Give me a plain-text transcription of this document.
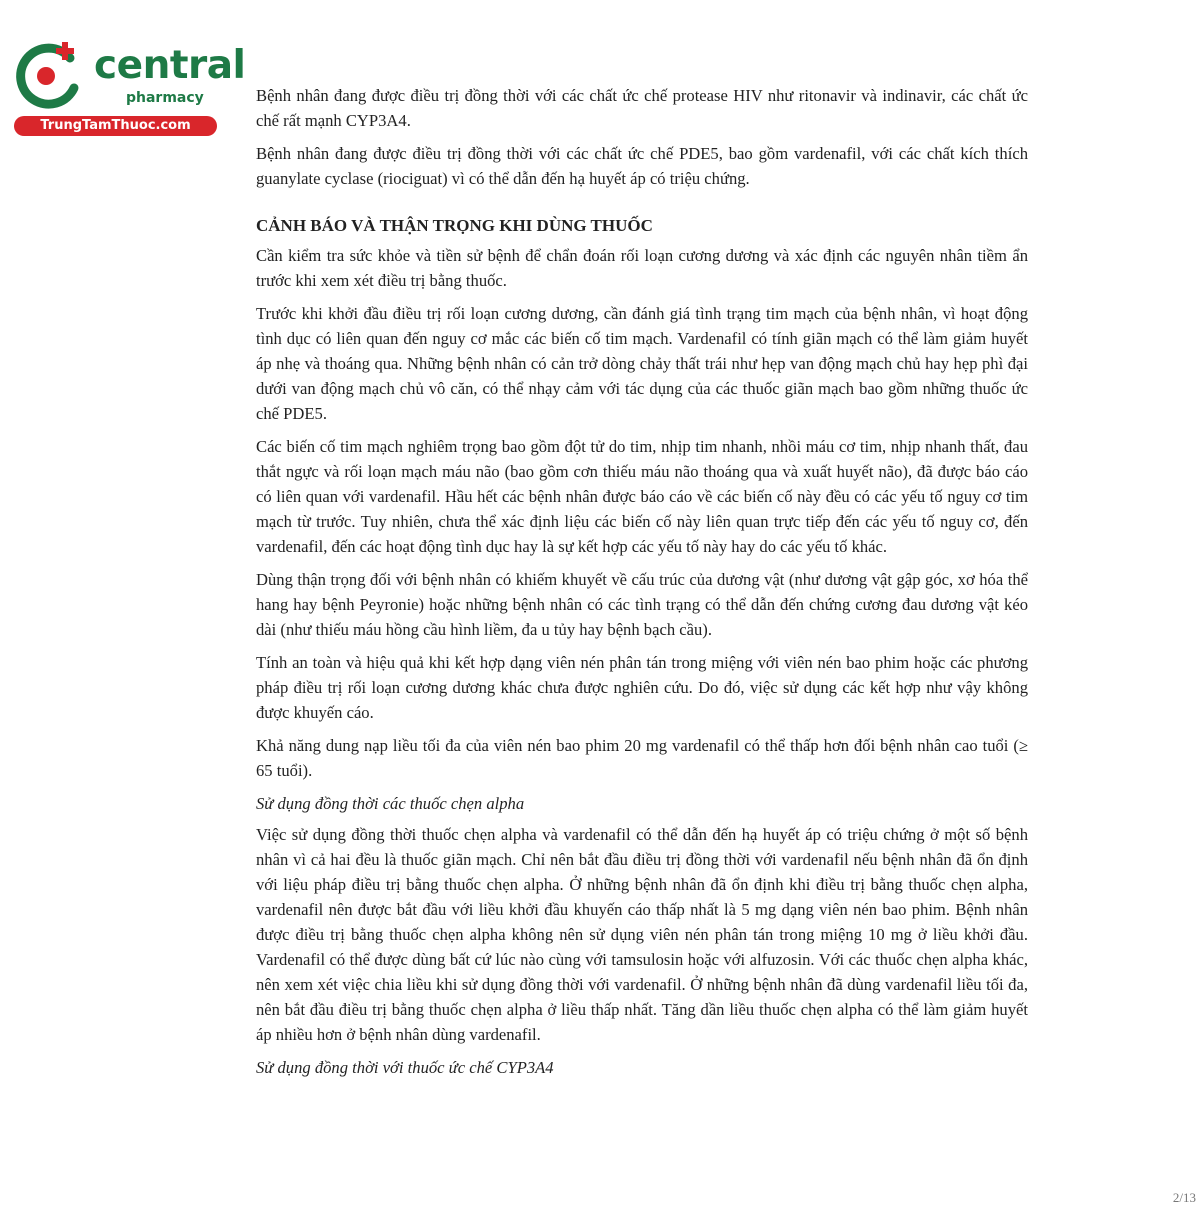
central
pharmacy
TrungTamThuoc.com

Bệnh nhân đang được điều trị đồng thời với các chất ức chế protease HIV như ritonavir và indinavir, các chất ức chế rất mạnh CYP3A4.

Bệnh nhân đang được điều trị đồng thời với các chất ức chế PDE5, bao gồm vardenafil, với các chất kích thích guanylate cyclase (riociguat) vì có thể dẫn đến hạ huyết áp có triệu chứng.

CẢNH BÁO VÀ THẬN TRỌNG KHI DÙNG THUỐC

Cần kiểm tra sức khỏe và tiền sử bệnh để chẩn đoán rối loạn cương dương và xác định các nguyên nhân tiềm ẩn trước khi xem xét điều trị bằng thuốc.

Trước khi khởi đầu điều trị rối loạn cương dương, cần đánh giá tình trạng tim mạch của bệnh nhân, vì hoạt động tình dục có liên quan đến nguy cơ mắc các biến cố tim mạch. Vardenafil có tính giãn mạch có thể làm giảm huyết áp nhẹ và thoáng qua. Những bệnh nhân có cản trở dòng chảy thất trái như hẹp van động mạch chủ hay hẹp phì đại dưới van động mạch chủ vô căn, có thể nhạy cảm với tác dụng của các thuốc giãn mạch bao gồm những thuốc ức chế PDE5.

Các biến cố tim mạch nghiêm trọng bao gồm đột tử do tim, nhịp tim nhanh, nhồi máu cơ tim, nhịp nhanh thất, đau thắt ngực và rối loạn mạch máu não (bao gồm cơn thiếu máu não thoáng qua và xuất huyết não), đã được báo cáo có liên quan với vardenafil. Hầu hết các bệnh nhân được báo cáo về các biến cố này đều có các yếu tố nguy cơ tim mạch từ trước. Tuy nhiên, chưa thể xác định liệu các biến cố này liên quan trực tiếp đến các yếu tố nguy cơ, đến vardenafil, đến các hoạt động tình dục hay là sự kết hợp các yếu tố này hay do các yếu tố khác.

Dùng thận trọng đối với bệnh nhân có khiếm khuyết về cấu trúc của dương vật (như dương vật gập góc, xơ hóa thể hang hay bệnh Peyronie) hoặc những bệnh nhân có các tình trạng có thể dẫn đến chứng cương đau dương vật kéo dài (như thiếu máu hồng cầu hình liềm, đa u tủy hay bệnh bạch cầu).

Tính an toàn và hiệu quả khi kết hợp dạng viên nén phân tán trong miệng với viên nén bao phim hoặc các phương pháp điều trị rối loạn cương dương khác chưa được nghiên cứu. Do đó, việc sử dụng các kết hợp như vậy không được khuyến cáo.

Khả năng dung nạp liều tối đa của viên nén bao phim 20 mg vardenafil có thể thấp hơn đối bệnh nhân cao tuổi (≥ 65 tuổi).

Sử dụng đồng thời các thuốc chẹn alpha

Việc sử dụng đồng thời thuốc chẹn alpha và vardenafil có thể dẫn đến hạ huyết áp có triệu chứng ở một số bệnh nhân vì cả hai đều là thuốc giãn mạch. Chỉ nên bắt đầu điều trị đồng thời với vardenafil nếu bệnh nhân đã ổn định với liệu pháp điều trị bằng thuốc chẹn alpha. Ở những bệnh nhân đã ổn định khi điều trị bằng thuốc chẹn alpha, vardenafil nên được bắt đầu với liều khởi đầu khuyến cáo thấp nhất là 5 mg dạng viên nén bao phim. Bệnh nhân được điều trị bằng thuốc chẹn alpha không nên sử dụng viên nén phân tán trong miệng 10 mg ở liều khởi đầu. Vardenafil có thể được dùng bất cứ lúc nào cùng với tamsulosin hoặc với alfuzosin. Với các thuốc chẹn alpha khác, nên xem xét việc chia liều khi sử dụng đồng thời với vardenafil. Ở những bệnh nhân đã dùng vardenafil liều tối đa, nên bắt đầu điều trị bằng thuốc chẹn alpha ở liều thấp nhất. Tăng dần liều thuốc chẹn alpha có thể làm giảm huyết áp nhiều hơn ở bệnh nhân dùng vardenafil.

Sử dụng đồng thời với thuốc ức chế CYP3A4

2/13
